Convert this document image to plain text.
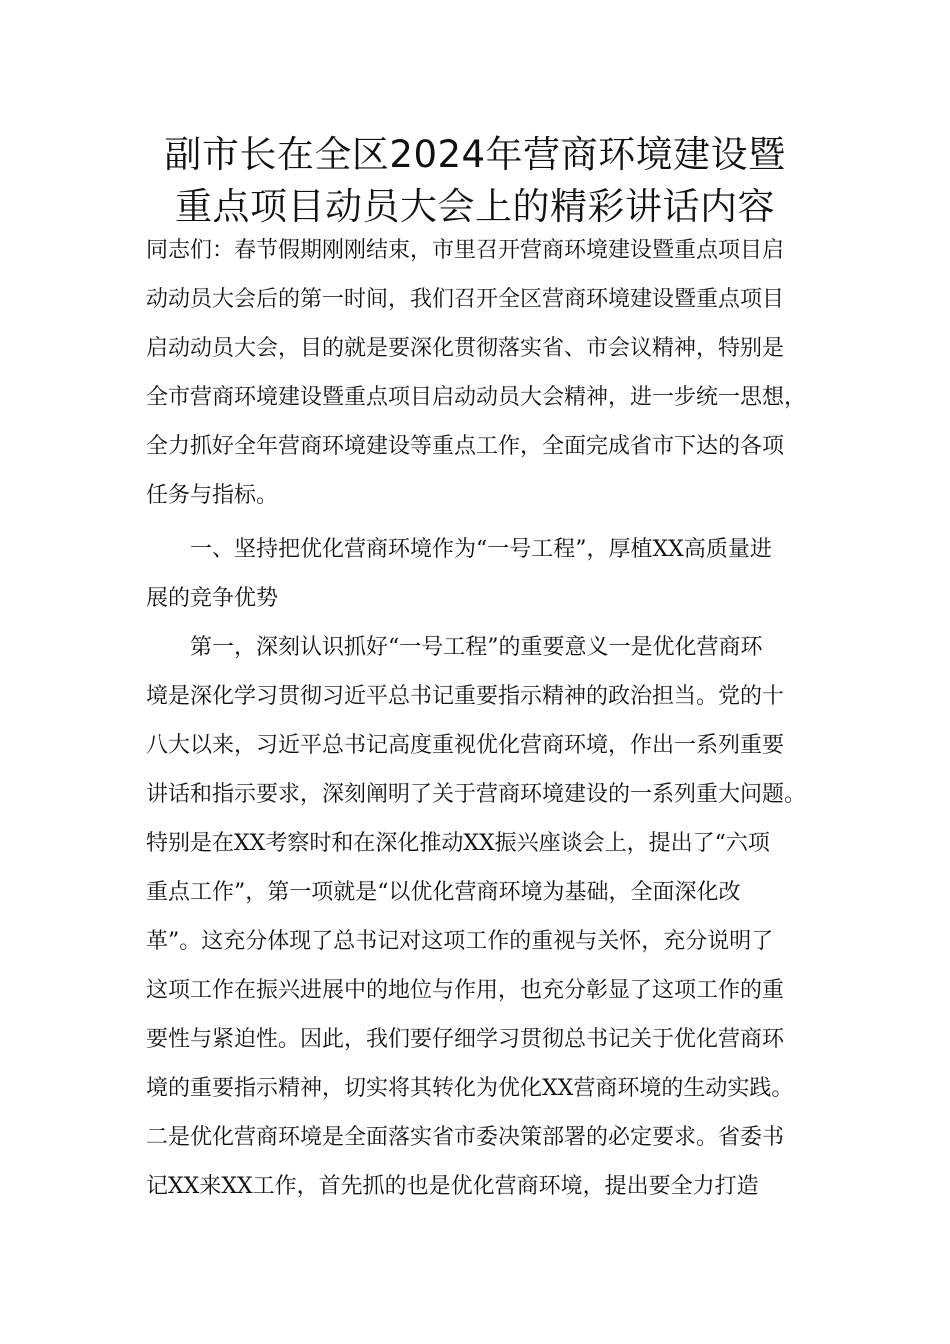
副市长在全区2024年营商环境建设暨
重点项目动员大会上的精彩讲话内容
同志们：春节假期刚刚结束，市里召开营商环境建设暨重点项目启
动动员大会后的第一时间，我们召开全区营商环境建设暨重点项目
启动动员大会，目的就是要深化贯彻落实省、市会议精神，特别是
全市营商环境建设暨重点项目启动动员大会精神，进一步统一思想，
全力抓好全年营商环境建设等重点工作，全面完成省市下达的各项
任务与指标。
一、坚持把优化营商环境作为“一号工程”，厚植XX高质量进
展的竞争优势
第一，深刻认识抓好“一号工程”的重要意义一是优化营商环
境是深化学习贯彻习近平总书记重要指示精神的政治担当。党的十
八大以来，习近平总书记高度重视优化营商环境，作出一系列重要
讲话和指示要求，深刻阐明了关于营商环境建设的一系列重大问题。
特别是在XX考察时和在深化推动XX振兴座谈会上，提出了“六项
重点工作”，第一项就是“以优化营商环境为基础，全面深化改
革”。这充分体现了总书记对这项工作的重视与关怀，充分说明了
这项工作在振兴进展中的地位与作用，也充分彰显了这项工作的重
要性与紧迫性。因此，我们要仔细学习贯彻总书记关于优化营商环
境的重要指示精神，切实将其转化为优化XX营商环境的生动实践。
二是优化营商环境是全面落实省市委决策部署的必定要求。省委书
记XX来XX工作，首先抓的也是优化营商环境，提出要全力打造
